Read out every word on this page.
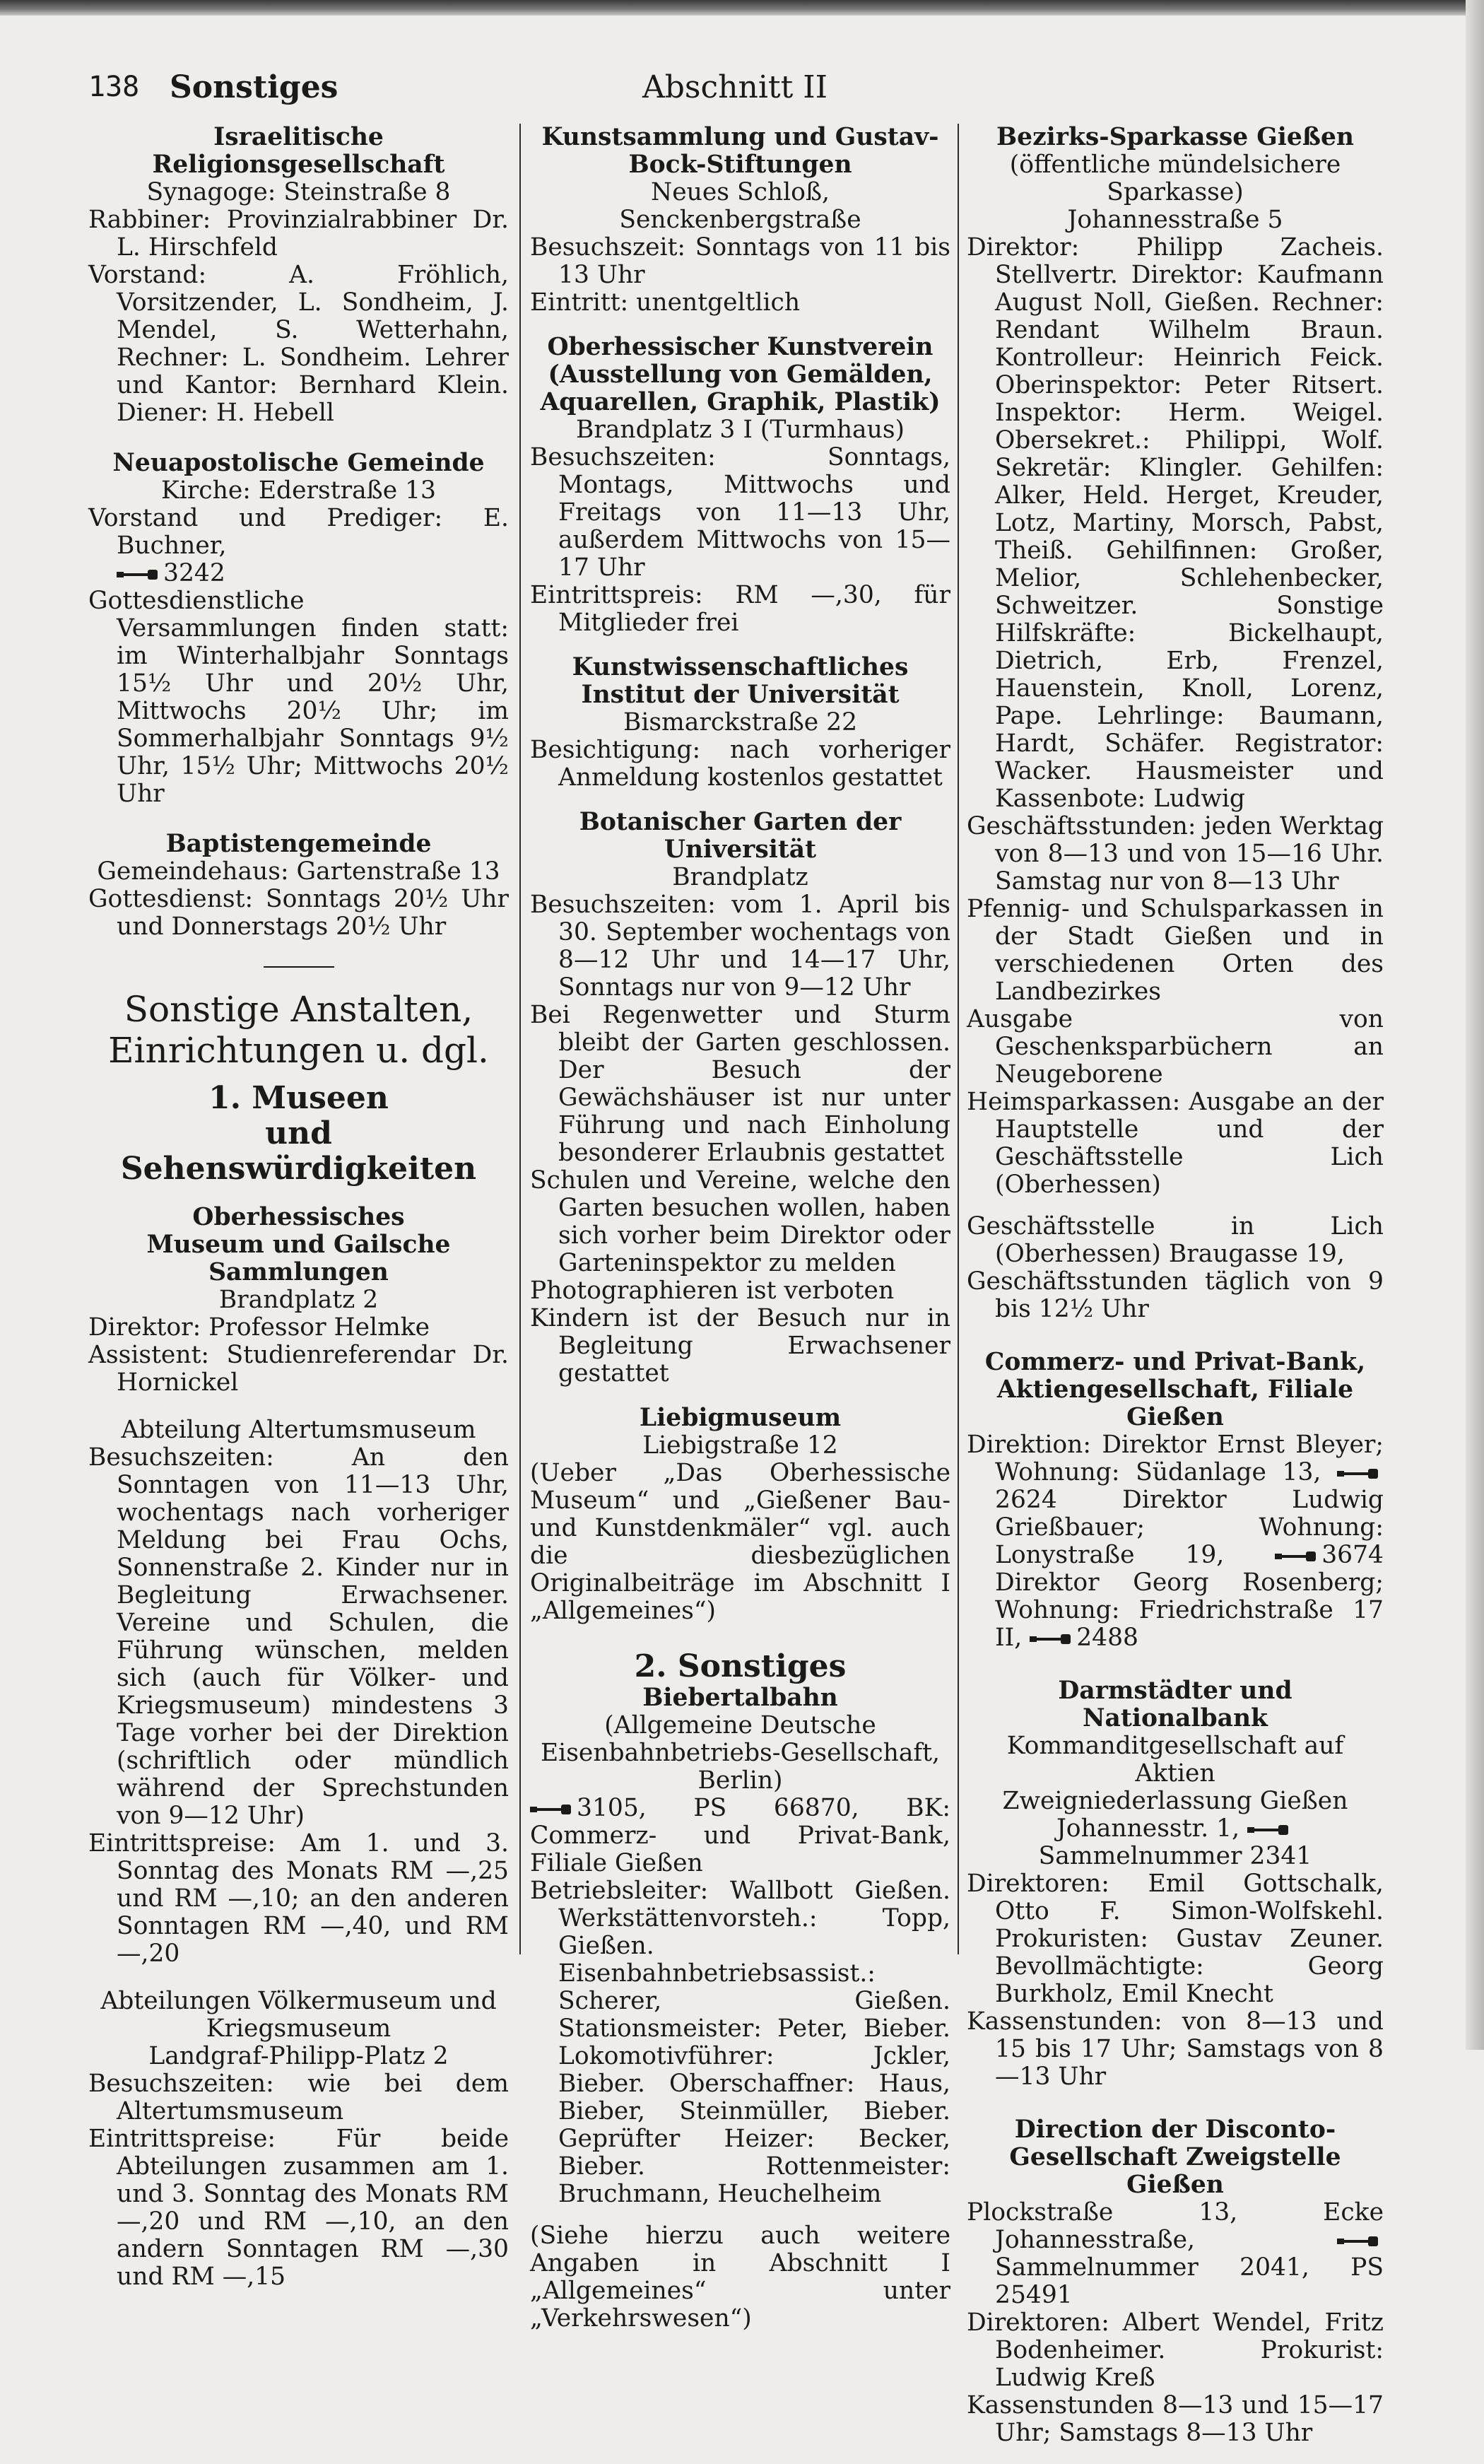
138 Sonstiges	Abschnitt II
Israelitische Religionsgesellschaft
Synagoge: Steinstraße 8

Rabbiner: Provinzialrabbiner Dr. L. Hirschfeld

Vorstand: A. Fröhlich, Vorsitzender, L. Sondheim, J. Mendel, S. Wetterhahn, Rechner: L. Sondheim. Lehrer und Kantor: Bernhard Klein. Diener: H. Hebell

Neuapostolische Gemeinde
Kirche: Ederstraße 13

Vorstand und Prediger: E. Buchner,

3242

Gottesdienstliche Versammlungen finden statt: im Winterhalbjahr Sonntags 15½ Uhr und 20½ Uhr, Mittwochs 20½ Uhr; im Sommerhalbjahr Sonntags 9½ Uhr, 15½ Uhr; Mittwochs 20½ Uhr

Baptistengemeinde
Gemeindehaus: Gartenstraße 13

Gottesdienst: Sonntags 20½ Uhr und Donnerstags 20½ Uhr

Sonstige Anstalten,
Einrichtungen u. dgl.
1. Museen
und Sehenswürdigkeiten
Oberhessisches
Museum und Gailsche Sammlungen
Brandplatz 2

Direktor: Professor Helmke

Assistent: Studienreferendar Dr. Hornickel

Abteilung Altertumsmuseum

Besuchszeiten: An den Sonntagen von 11—13 Uhr, wochentags nach vorheriger Meldung bei Frau Ochs, Sonnenstraße 2. Kinder nur in Begleitung Erwachsener. Vereine und Schulen, die Führung wünschen, melden sich (auch für Völker- und Kriegsmuseum) mindestens 3 Tage vorher bei der Direktion (schriftlich oder mündlich während der Sprechstunden von 9—12 Uhr)

Eintrittspreise: Am 1. und 3. Sonntag des Monats RM —,25 und RM —,10; an den anderen Sonntagen RM —,40, und RM —,20

Abteilungen Völkermuseum und Kriegsmuseum
Landgraf-Philipp-Platz 2

Besuchszeiten: wie bei dem Altertumsmuseum

Eintrittspreise: Für beide Abteilungen zusammen am 1. und 3. Sonntag des Monats RM —,20 und RM —,10, an den andern Sonntagen RM —,30 und RM —,15

Kunstsammlung und Gustav-Bock-Stiftungen
Neues Schloß, Senckenbergstraße

Besuchszeit: Sonntags von 11 bis 13 Uhr

Eintritt: unentgeltlich

Oberhessischer Kunstverein (Ausstellung von Gemälden, Aquarellen, Graphik, Plastik)
Brandplatz 3 I (Turmhaus)

Besuchszeiten: Sonntags, Montags, Mittwochs und Freitags von 11—13 Uhr, außerdem Mittwochs von 15—17 Uhr

Eintrittspreis: RM —,30, für Mitglieder frei

Kunstwissenschaftliches Institut der Universität
Bismarckstraße 22

Besichtigung: nach vorheriger Anmeldung kostenlos gestattet

Botanischer Garten der Universität
Brandplatz

Besuchszeiten: vom 1. April bis 30. September wochentags von 8—12 Uhr und 14—17 Uhr, Sonntags nur von 9—12 Uhr

Bei Regenwetter und Sturm bleibt der Garten geschlossen. Der Besuch der Gewächshäuser ist nur unter Führung und nach Einholung besonderer Erlaubnis gestattet

Schulen und Vereine, welche den Garten besuchen wollen, haben sich vorher beim Direktor oder Garteninspektor zu melden

Photographieren ist verboten

Kindern ist der Besuch nur in Begleitung Erwachsener gestattet

Liebigmuseum
Liebigstraße 12

(Ueber „Das Oberhessische Museum“ und „Gießener Bau- und Kunstdenkmäler“ vgl. auch die diesbezüglichen Originalbeiträge im Abschnitt I „Allgemeines“)

2. Sonstiges
Biebertalbahn
(Allgemeine Deutsche Eisenbahnbetriebs-Gesellschaft, Berlin)

3105, PS 66870, BK: Commerz- und Privat-Bank, Filiale Gießen

Betriebsleiter: Wallbott Gießen. Werkstättenvorsteh.: Topp, Gießen. Eisenbahnbetriebsassist.: Scherer, Gießen. Stationsmeister: Peter, Bieber. Lokomotivführer: Jckler, Bieber. Oberschaffner: Haus, Bieber, Steinmüller, Bieber. Geprüfter Heizer: Becker, Bieber. Rottenmeister: Bruchmann, Heuchelheim

(Siehe hierzu auch weitere Angaben in Abschnitt I „Allgemeines“ unter „Verkehrswesen“)

Bezirks-Sparkasse Gießen
(öffentliche mündelsichere Sparkasse)
Johannesstraße 5

Direktor: Philipp Zacheis. Stellvertr. Direktor: Kaufmann August Noll, Gießen. Rechner: Rendant Wilhelm Braun. Kontrolleur: Heinrich Feick. Oberinspektor: Peter Ritsert. Inspektor: Herm. Weigel. Obersekret.: Philippi, Wolf. Sekretär: Klingler. Gehilfen: Alker, Held. Herget, Kreuder, Lotz, Martiny, Morsch, Pabst, Theiß. Gehilfinnen: Großer, Melior, Schlehenbecker, Schweitzer. Sonstige Hilfskräfte: Bickelhaupt, Dietrich, Erb, Frenzel, Hauenstein, Knoll, Lorenz, Pape. Lehrlinge: Baumann, Hardt, Schäfer. Registrator: Wacker. Hausmeister und Kassenbote: Ludwig

Geschäftsstunden: jeden Werktag von 8—13 und von 15—16 Uhr. Samstag nur von 8—13 Uhr

Pfennig- und Schulsparkassen in der Stadt Gießen und in verschiedenen Orten des Landbezirkes

Ausgabe von Geschenksparbüchern an Neugeborene

Heimsparkassen: Ausgabe an der Hauptstelle und der Geschäftsstelle Lich (Oberhessen)

Geschäftsstelle in Lich (Oberhessen) Braugasse 19,

Geschäftsstunden täglich von 9 bis 12½ Uhr

Commerz- und Privat-Bank, Aktiengesellschaft, Filiale Gießen

Direktion: Direktor Ernst Bleyer; Wohnung: Südanlage 13,
2624	Direktor Ludwig Grießbauer; Wohnung: Lonystraße 19,	3674 Direktor Georg Rosenberg; Wohnung: Friedrichstraße 17 II, 2488

Darmstädter und Nationalbank
Kommanditgesellschaft auf Aktien
Zweigniederlassung Gießen
Johannesstr. 1,
Sammelnummer 2341

Direktoren: Emil Gottschalk, Otto F. Simon-Wolfskehl. Prokuristen: Gustav Zeuner. Bevollmächtigte: Georg Burkholz, Emil Knecht

Kassenstunden: von 8—13 und 15 bis 17 Uhr; Samstags von 8—13 Uhr

Direction der Disconto-Gesellschaft Zweigstelle Gießen

Plockstraße 13, Ecke Johannesstraße,
Sammelnummer 2041, PS 25491

Direktoren: Albert Wendel, Fritz Bodenheimer. Prokurist: Ludwig Kreß

Kassenstunden 8—13 und 15—17 Uhr; Samstags 8—13 Uhr
